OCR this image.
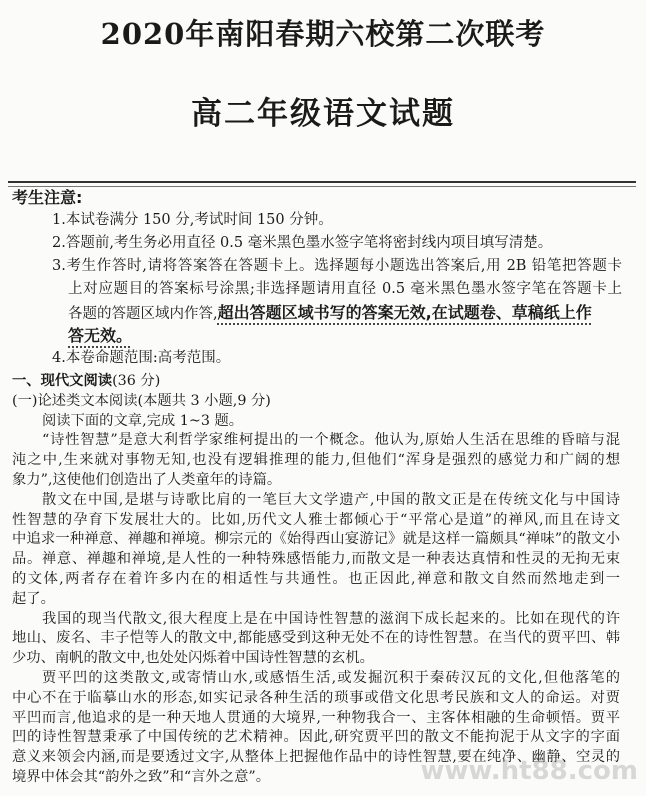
2020年南阳春期六校第二次联考
高二年级语文试题
考生注意:
1.本试卷满分 150 分,考试时间 150 分钟。
2.答题前,考生务必用直径 0.5 毫米黑色墨水签字笔将密封线内项目填写清楚。
3.考生作答时,请将答案答在答题卡上。选择题每小题选出答案后,用 2B 铅笔把答题卡
上对应题目的答案标号涂黑;非选择题请用直径 0.5 毫米黑色墨水签字笔在答题卡上
各题的答题区域内作答,超出答题区域书写的答案无效,在试题卷、草稿纸上作
答无效。
4.本卷命题范围:高考范围。
一、现代文阅读(36 分)
(一)论述类文本阅读(本题共 3 小题,9 分)
阅读下面的文章,完成 1~3 题。
“诗性智慧”是意大利哲学家维柯提出的一个概念。他认为,原始人生活在思维的昏暗与混
沌之中,生来就对事物无知,也没有逻辑推理的能力,但他们“浑身是强烈的感觉力和广阔的想
象力”,这使他们创造出了人类童年的诗篇。
散文在中国,是堪与诗歌比肩的一笔巨大文学遗产,中国的散文正是在传统文化与中国诗
性智慧的孕育下发展壮大的。比如,历代文人雅士都倾心于“平常心是道”的禅风,而且在诗文
中追求一种禅意、禅趣和禅境。柳宗元的《始得西山宴游记》就是这样一篇颇具“禅味”的散文小
品。禅意、禅趣和禅境,是人性的一种特殊感悟能力,而散文是一种表达真情和性灵的无拘无束
的文体,两者存在着许多内在的相适性与共通性。也正因此,禅意和散文自然而然地走到一
起了。
我国的现当代散文,很大程度上是在中国诗性智慧的滋润下成长起来的。比如在现代的许
地山、废名、丰子恺等人的散文中,都能感受到这种无处不在的诗性智慧。在当代的贾平凹、韩
少功、南帆的散文中,也处处闪烁着中国诗性智慧的玄机。
贾平凹的这类散文,或寄情山水,或感悟生活,或发掘沉积于秦砖汉瓦的文化,但他落笔的
中心不在于临摹山水的形态,如实记录各种生活的琐事或借文化思考民族和文人的命运。对贾
平凹而言,他追求的是一种天地人贯通的大境界,一种物我合一、主客体相融的生命顿悟。贾平
凹的诗性智慧秉承了中国传统的艺术精神。因此,研究贾平凹的散文不能拘泥于从文字的字面
意义来领会内涵,而是要透过文字,从整体上把握他作品中的诗性智慧,要在纯净、幽静、空灵的
境界中体会其“韵外之致”和“言外之意”。	www.ht88.com
